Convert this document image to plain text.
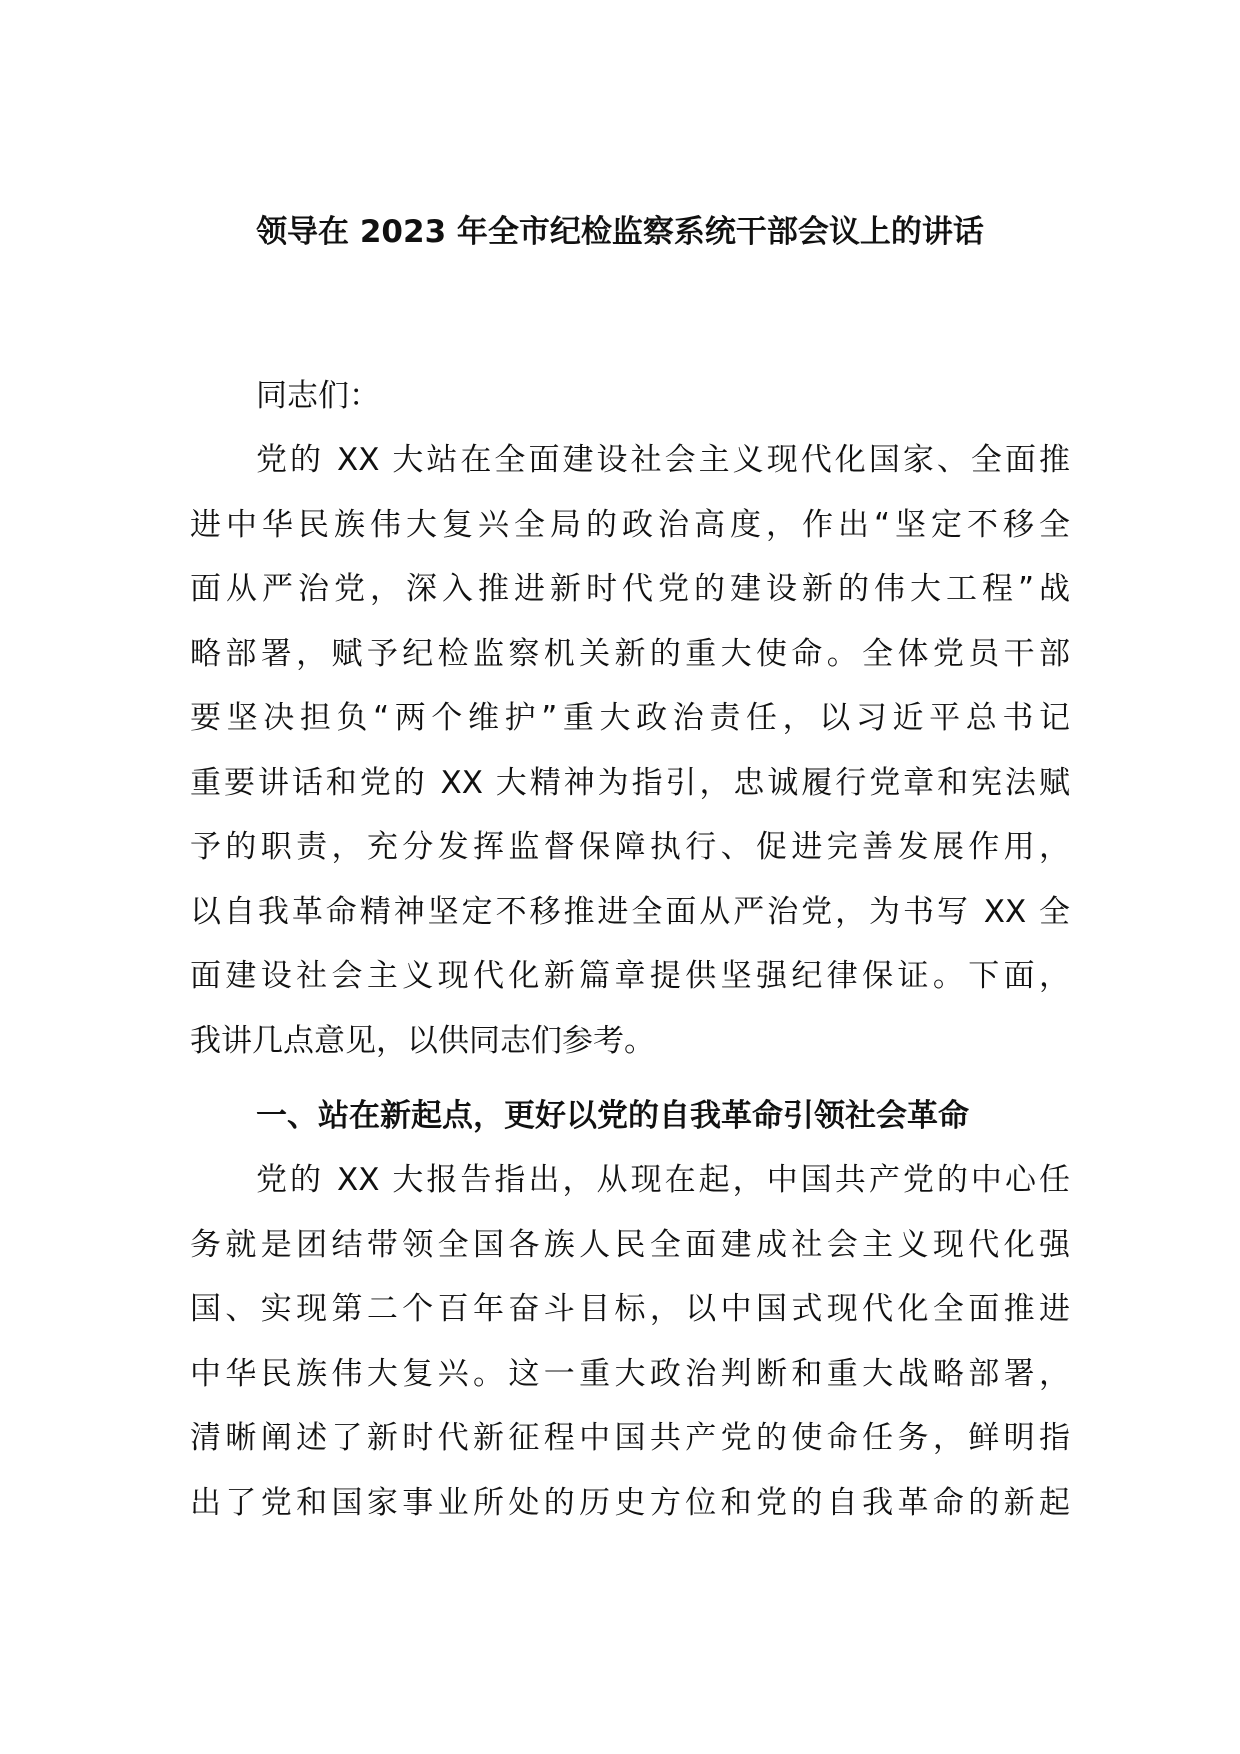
领导在 2023 年全市纪检监察系统干部会议上的讲话
同志们：
党的 XX 大站在全面建设社会主义现代化国家、全面推
进中华民族伟大复兴全局的政治高度，作出“坚定不移全
面从严治党，深入推进新时代党的建设新的伟大工程”战
略部署，赋予纪检监察机关新的重大使命。全体党员干部
要坚决担负“两个维护”重大政治责任，以习近平总书记
重要讲话和党的 XX 大精神为指引，忠诚履行党章和宪法赋
予的职责，充分发挥监督保障执行、促进完善发展作用，
以自我革命精神坚定不移推进全面从严治党，为书写 XX 全
面建设社会主义现代化新篇章提供坚强纪律保证。下面，
我讲几点意见，以供同志们参考。
一、站在新起点，更好以党的自我革命引领社会革命
党的 XX 大报告指出，从现在起，中国共产党的中心任
务就是团结带领全国各族人民全面建成社会主义现代化强
国、实现第二个百年奋斗目标，以中国式现代化全面推进
中华民族伟大复兴。这一重大政治判断和重大战略部署，
清晰阐述了新时代新征程中国共产党的使命任务，鲜明指
出了党和国家事业所处的历史方位和党的自我革命的新起
